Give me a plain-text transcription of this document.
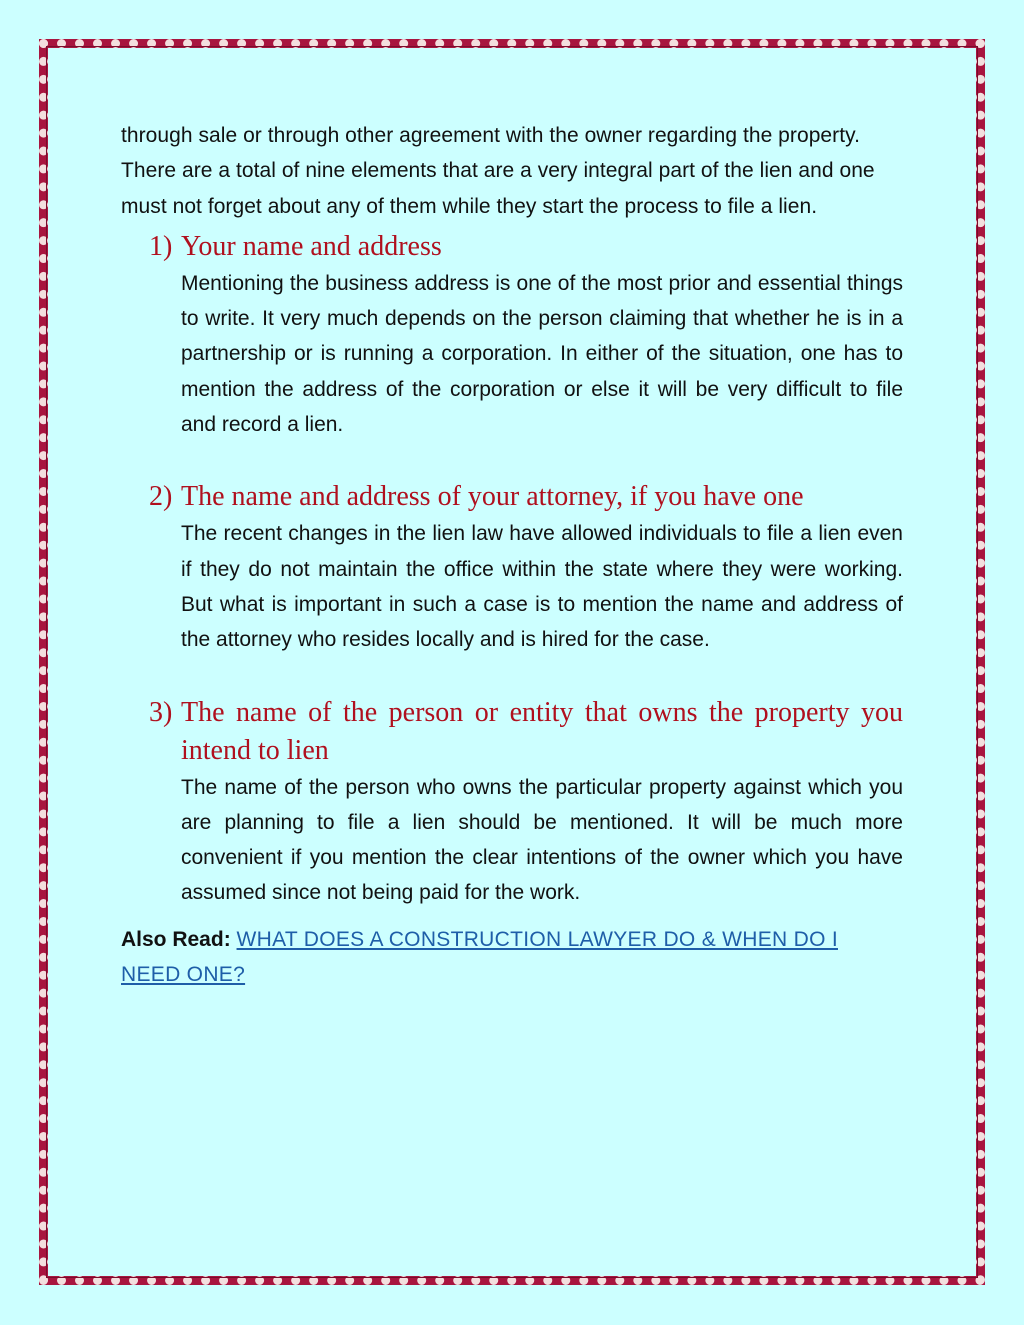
through sale or through other agreement with the owner regarding the property. There are a total of nine elements that are a very integral part of the lien and one must not forget about any of them while they start the process to file a lien.

1) Your name and address

Mentioning the business address is one of the most prior and essential things to write. It very much depends on the person claiming that whether he is in a partnership or is running a corporation. In either of the situation, one has to mention the address of the corporation or else it will be very difficult to file and record a lien.

2) The name and address of your attorney, if you have one

The recent changes in the lien law have allowed individuals to file a lien even if they do not maintain the office within the state where they were working. But what is important in such a case is to mention the name and address of the attorney who resides locally and is hired for the case.

3) The name of the person or entity that owns the property you intend to lien

The name of the person who owns the particular property against which you are planning to file a lien should be mentioned. It will be much more convenient if you mention the clear intentions of the owner which you have assumed since not being paid for the work.

Also Read: WHAT DOES A CONSTRUCTION LAWYER DO & WHEN DO I NEED ONE?
